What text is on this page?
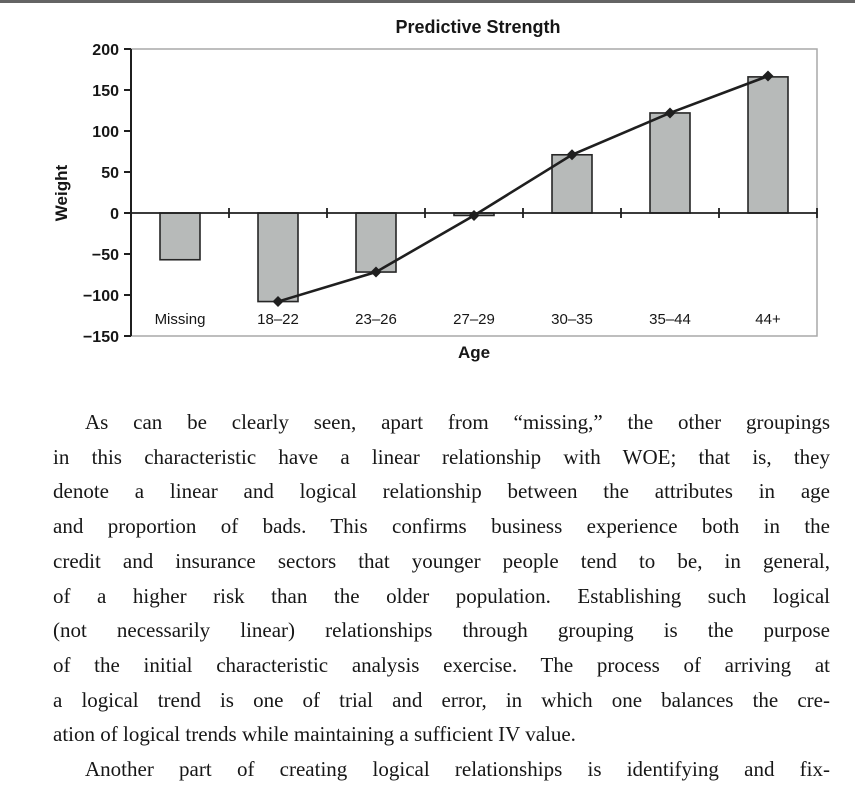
−150
−100
−50
0
50
100
150
200
Missing	18–22	23–26	27–29	30–35	35–44	44+
Predictive Strength
Age
Weight
As can be clearly seen, apart from “missing,” the other groupings
in this characteristic have a linear relationship with WOE; that is, they
denote a linear and logical relationship between the attributes in age
and proportion of bads. This confirms business experience both in the
credit and insurance sectors that younger people tend to be, in general,
of a higher risk than the older population. Establishing such logical
(not necessarily linear) relationships through grouping is the purpose
of the initial characteristic analysis exercise. The process of arriving at
a logical trend is one of trial and error, in which one balances the cre-
ation of logical trends while maintaining a sufficient IV value.
Another part of creating logical relationships is identifying and fix-
